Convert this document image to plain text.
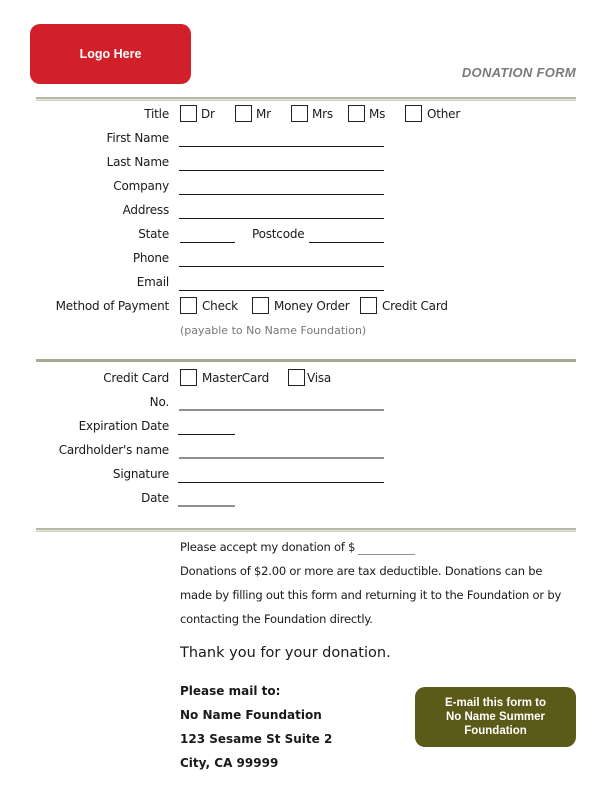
Logo Here
DONATION FORM
Title	Dr	Mr	Mrs	Ms	Other
First Name
Last Name
Company
Address
State	Postcode
Phone
Email
Method of Payment	Check	Money Order	Credit Card
(payable to No Name Foundation)
Credit Card	MasterCard	Visa
No.
Expiration Date
Cardholder's name
Signature
Date
Please accept my donation of $
Donations of $2.00 or more are tax deductible. Donations can be
made by filling out this form and returning it to the Foundation or by
contacting the Foundation directly.
Thank you for your donation.
Please mail to:
No Name Foundation
123 Sesame St Suite 2
City, CA 99999
E-mail this form to
No Name Summer
Foundation
